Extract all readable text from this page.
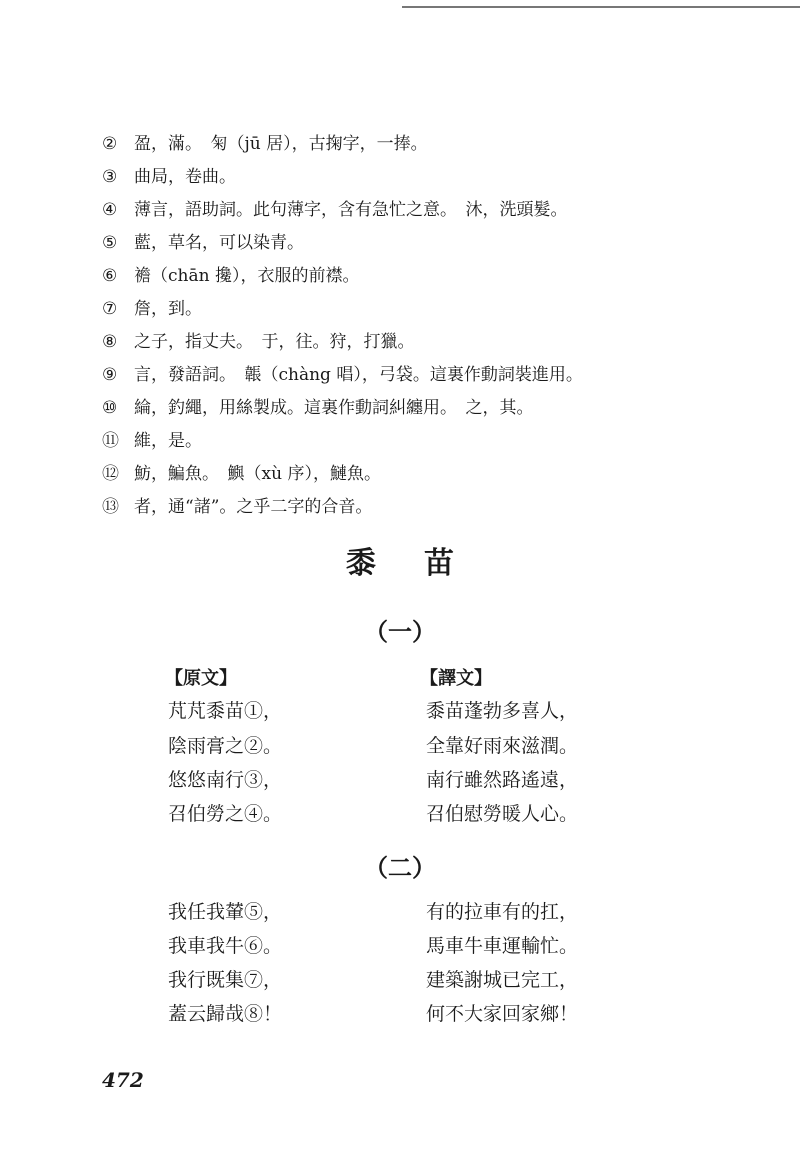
② 盈，滿。　匊（jū 居），古掬字，一捧。
③ 曲局，卷曲。
④ 薄言，語助詞。此句薄字，含有急忙之意。　沐，洗頭髮。
⑤ 藍，草名，可以染青。
⑥ 襜（chān 攙），衣服的前襟。
⑦ 詹，到。
⑧ 之子，指丈夫。　于，往。狩，打獵。
⑨ 言，發語詞。　韔（chàng 唱），弓袋。這裏作動詞裝進用。
⑩ 綸，釣繩，用絲製成。這裏作動詞糾纏用。　之，其。
⑪ 維，是。
⑫ 魴，鯿魚。　鱮（xù 序），鰱魚。
⑬ 者，通“諸”。之乎二字的合音。
黍苗
（一）
【原文】	【譯文】
芃芃黍苗①，
陰雨膏之②。
悠悠南行③，
召伯勞之④。
黍苗蓬勃多喜人，
全靠好雨來滋潤。
南行雖然路遙遠，
召伯慰勞暖人心。
（二）
我任我輦⑤，
我車我牛⑥。
我行既集⑦，
蓋云歸哉⑧！
有的拉車有的扛，
馬車牛車運輸忙。
建築謝城已完工，
何不大家回家鄉！
472
